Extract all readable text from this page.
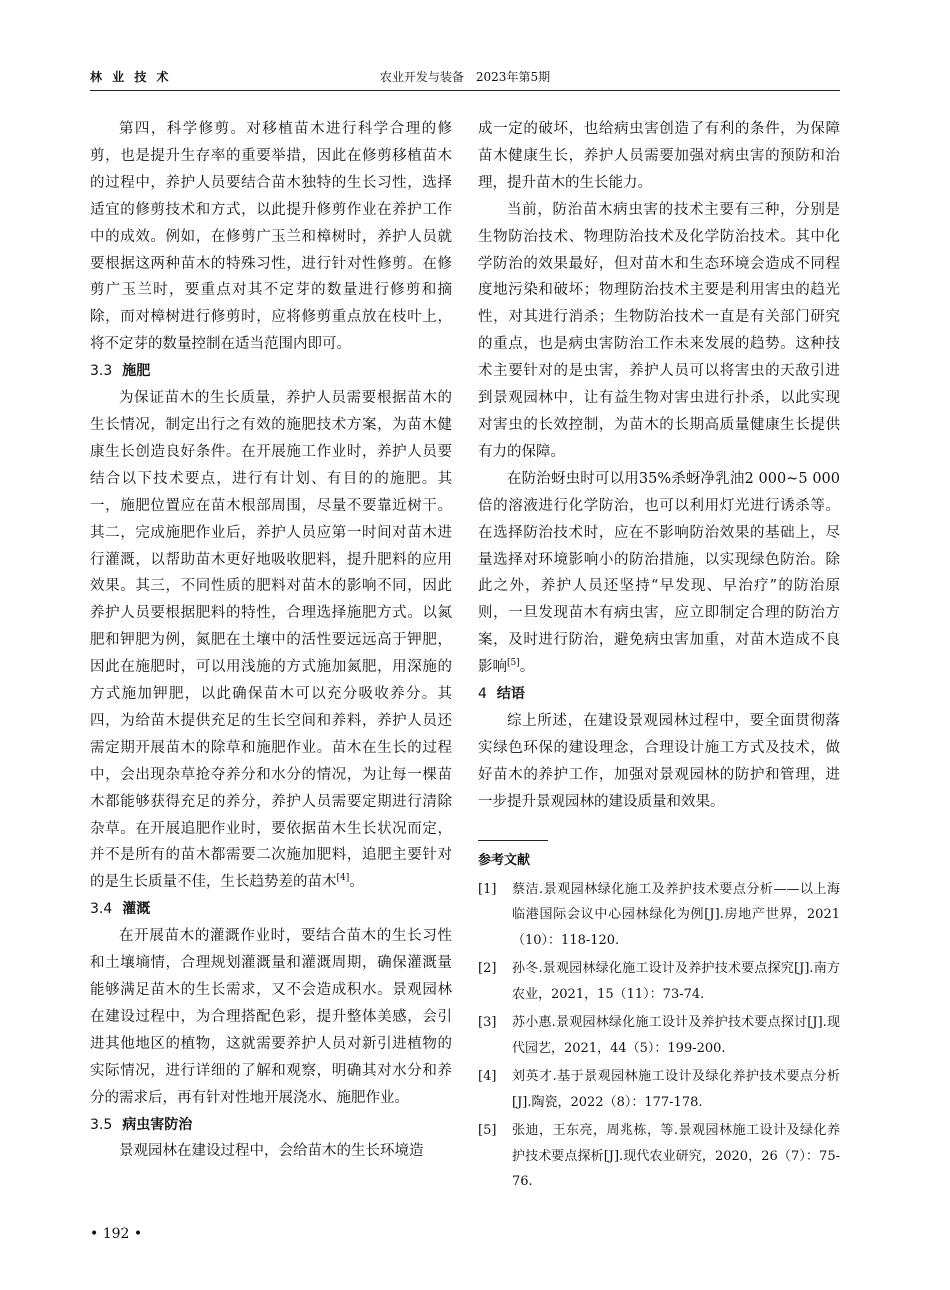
林 业 技 术	农业开发与装备　2023年第5期

第四，科学修剪。对移植苗木进行科学合理的修剪，也是提升生存率的重要举措，因此在修剪移植苗木的过程中，养护人员要结合苗木独特的生长习性，选择适宜的修剪技术和方式，以此提升修剪作业在养护工作中的成效。例如，在修剪广玉兰和樟树时，养护人员就要根据这两种苗木的特殊习性，进行针对性修剪。在修剪广玉兰时，要重点对其不定芽的数量进行修剪和摘除，而对樟树进行修剪时，应将修剪重点放在枝叶上，将不定芽的数量控制在适当范围内即可。

3.3 施肥

为保证苗木的生长质量，养护人员需要根据苗木的生长情况，制定出行之有效的施肥技术方案，为苗木健康生长创造良好条件。在开展施工作业时，养护人员要结合以下技术要点，进行有计划、有目的的施肥。其一，施肥位置应在苗木根部周围，尽量不要靠近树干。其二，完成施肥作业后，养护人员应第一时间对苗木进行灌溉，以帮助苗木更好地吸收肥料，提升肥料的应用效果。其三，不同性质的肥料对苗木的影响不同，因此养护人员要根据肥料的特性，合理选择施肥方式。以氮肥和钾肥为例，氮肥在土壤中的活性要远远高于钾肥，因此在施肥时，可以用浅施的方式施加氮肥，用深施的方式施加钾肥，以此确保苗木可以充分吸收养分。其四，为给苗木提供充足的生长空间和养料，养护人员还需定期开展苗木的除草和施肥作业。苗木在生长的过程中，会出现杂草抢夺养分和水分的情况，为让每一棵苗木都能够获得充足的养分，养护人员需要定期进行清除杂草。在开展追肥作业时，要依据苗木生长状况而定，并不是所有的苗木都需要二次施加肥料，追肥主要针对的是生长质量不佳，生长趋势差的苗木[4]。

3.4 灌溉

在开展苗木的灌溉作业时，要结合苗木的生长习性和土壤墒情，合理规划灌溉量和灌溉周期，确保灌溉量能够满足苗木的生长需求，又不会造成积水。景观园林在建设过程中，为合理搭配色彩，提升整体美感，会引进其他地区的植物，这就需要养护人员对新引进植物的实际情况，进行详细的了解和观察，明确其对水分和养分的需求后，再有针对性地开展浇水、施肥作业。

3.5 病虫害防治

景观园林在建设过程中，会给苗木的生长环境造

成一定的破坏，也给病虫害创造了有利的条件，为保障苗木健康生长，养护人员需要加强对病虫害的预防和治理，提升苗木的生长能力。

当前，防治苗木病虫害的技术主要有三种，分别是生物防治技术、物理防治技术及化学防治技术。其中化学防治的效果最好，但对苗木和生态环境会造成不同程度地污染和破坏；物理防治技术主要是利用害虫的趋光性，对其进行消杀；生物防治技术一直是有关部门研究的重点，也是病虫害防治工作未来发展的趋势。这种技术主要针对的是虫害，养护人员可以将害虫的天敌引进到景观园林中，让有益生物对害虫进行扑杀，以此实现对害虫的长效控制，为苗木的长期高质量健康生长提供有力的保障。

在防治蚜虫时可以用35%杀蚜净乳油2 000~5 000倍的溶液进行化学防治，也可以利用灯光进行诱杀等。在选择防治技术时，应在不影响防治效果的基础上，尽量选择对环境影响小的防治措施，以实现绿色防治。除此之外，养护人员还坚持“早发现、早治疗”的防治原则，一旦发现苗木有病虫害，应立即制定合理的防治方案，及时进行防治，避免病虫害加重，对苗木造成不良影响[5]。

4 结语

综上所述，在建设景观园林过程中，要全面贯彻落实绿色环保的建设理念，合理设计施工方式及技术，做好苗木的养护工作，加强对景观园林的防护和管理，进一步提升景观园林的建设质量和效果。

参考文献
[1] 蔡洁.景观园林绿化施工及养护技术要点分析——以上海临港国际会议中心园林绿化为例[J].房地产世界，2021（10）：118-120.
[2] 孙冬.景观园林绿化施工设计及养护技术要点探究[J].南方农业，2021，15（11）：73-74.
[3] 苏小惠.景观园林绿化施工设计及养护技术要点探讨[J].现代园艺，2021，44（5）：199-200.
[4] 刘英才.基于景观园林施工设计及绿化养护技术要点分析[J].陶瓷，2022（8）：177-178.
[5] 张迪，王东亮，周兆栋，等.景观园林施工设计及绿化养护技术要点探析[J].现代农业研究，2020，26（7）：75-76.
• 192 •
